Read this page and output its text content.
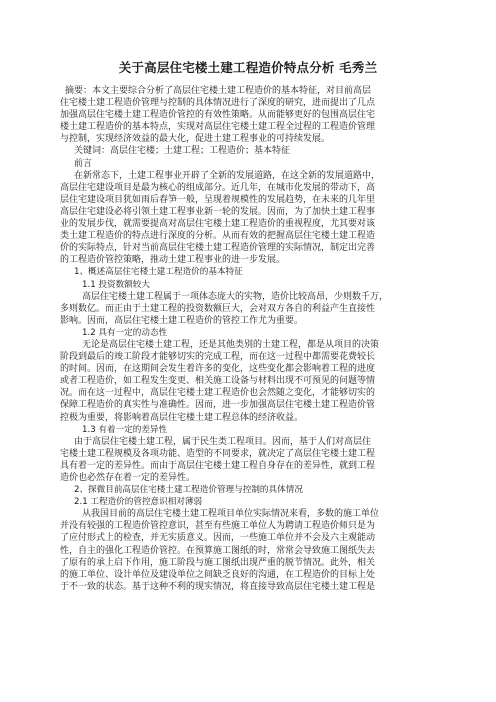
关于高层住宅楼土建工程造价特点分析 毛秀兰
摘要：本文主要综合分析了高层住宅楼土建工程造价的基本特征，对目前高层
住宅楼土建工程造价管理与控制的具体情况进行了深度的研究，进而提出了几点
加强高层住宅楼土建工程造价管控的有效性策略。从而能够更好的包围高层住宅
楼土建工程造价的基本特点，实现对高层住宅楼土建工程全过程的工程造价管理
与控制，实现经济效益的最大化，促进土建工程事业的可持续发展。
关键词：高层住宅楼；土建工程；工程造价；基本特征
前言
在新常态下，土建工程事业开辟了全新的发展道路，在这全新的发展道路中，
高层住宅建设项目是最为核心的组成部分。近几年，在城市化发展的带动下，高
层住宅建设项目犹如雨后春笋一般，呈现着规模性的发展趋势，在未来的几年里
高层住宅建设必将引领土建工程事业新一轮的发展。因而，为了加快土建工程事
业的发展步伐，就需要提高对高层住宅楼土建工程造价的重视程度，尤其要对该
类土建工程造价的特点进行深度的分析。从而有效的把握高层住宅楼土建工程造
价的实际特点，针对当前高层住宅楼土建工程造价管理的实际情况，制定出完善
的工程造价管控策略，推动土建工程事业的进一步发展。
1、概述高层住宅楼土建工程造价的基本特征
1.1 投资数额较大
高层住宅楼土建工程属于一项体态庞大的实物，造价比较高昂，少则数千万，
多则数亿。而正由于土建工程的投资数额巨大，会对双方各自的利益产生直接性
影响。因而，高层住宅楼土建工程造价的管控工作尤为重要。
1.2 具有一定的动态性
无论是高层住宅楼土建工程，还是其他类别的土建工程，都是从项目的决策
阶段到最后的竣工阶段才能够切实的完成工程，而在这一过程中都需要花费较长
的时间。因而，在这期间会发生着许多的变化，这些变化都会影响着工程的进度
或者工程造价，如工程发生变更、相关施工设备与材料出现不可预见的问题等情
况。而在这一过程中，高层住宅楼土建工程造价也会然随之变化，才能够切实的
保障工程造价的真实性与准确性。因而，进一步加强高层住宅楼土建工程造价管
控极为重要，将影响着高层住宅楼土建工程总体的经济收益。
1.3 有着一定的差异性
由于高层住宅楼土建工程，属于民生类工程项目。因而，基于人们对高层住
宅楼土建工程规模及各项功能、造型的不同要求，就决定了高层住宅楼土建工程
具有着一定的差异性。而由于高层住宅楼土建工程自身存在的差异性，就到工程
造价也必然存在着一定的差异性。
2、探微目前高层住宅楼土建工程造价管理与控制的具体情况
2.1 工程造价的管控意识相对薄弱
从我国目前的高层住宅楼土建工程项目单位实际情况来看，多数的施工单位
并没有较强的工程造价管控意识，甚至有些施工单位人为聘请工程造价师只是为
了应付形式上的检查，并无实质意义。因而，一些施工单位并不会及六主观能动
性，自主的强化工程造价管控。在预算施工图纸的时，常常会导致施工图纸失去
了原有的承上启下作用，施工阶段与施工图纸出现严重的脱节情况。此外，相关
的施工单位、设计单位及建设单位之间缺乏良好的沟通，在工程造价的目标上处
于不一致的状态。基于这种不利的现实情况，将直接导致高层住宅楼土建工程是
